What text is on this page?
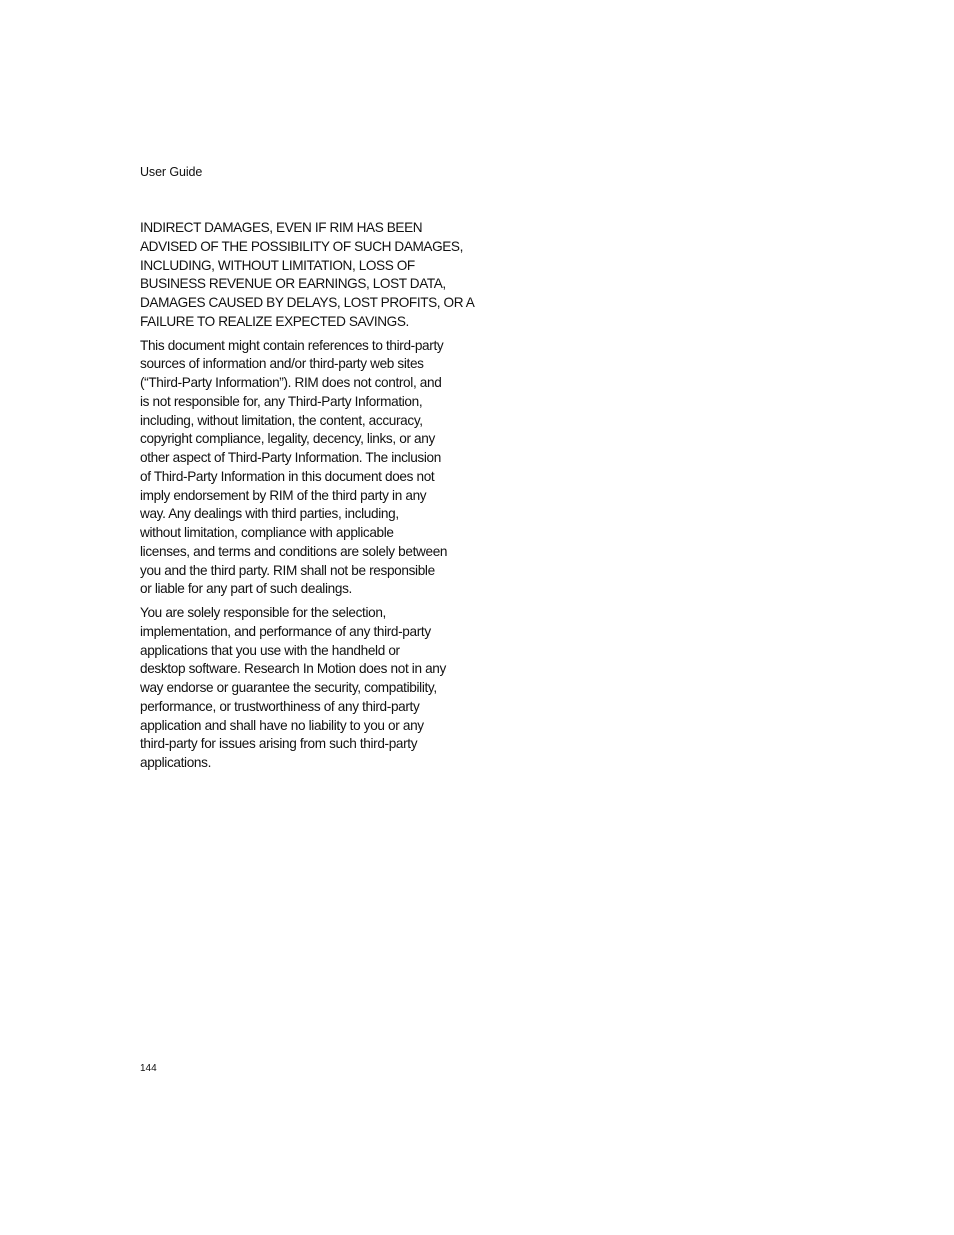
User Guide

INDIRECT DAMAGES, EVEN IF RIM HAS BEEN
ADVISED OF THE POSSIBILITY OF SUCH DAMAGES,
INCLUDING, WITHOUT LIMITATION, LOSS OF
BUSINESS REVENUE OR EARNINGS, LOST DATA,
DAMAGES CAUSED BY DELAYS, LOST PROFITS, OR A
FAILURE TO REALIZE EXPECTED SAVINGS.

This document might contain references to third-party
sources of information and/or third-party web sites
(“Third-Party Information”). RIM does not control, and
is not responsible for, any Third-Party Information,
including, without limitation, the content, accuracy,
copyright compliance, legality, decency, links, or any
other aspect of Third-Party Information. The inclusion
of Third-Party Information in this document does not
imply endorsement by RIM of the third party in any
way. Any dealings with third parties, including,
without limitation, compliance with applicable
licenses, and terms and conditions are solely between
you and the third party. RIM shall not be responsible
or liable for any part of such dealings.

You are solely responsible for the selection,
implementation, and performance of any third-party
applications that you use with the handheld or
desktop software. Research In Motion does not in any
way endorse or guarantee the security, compatibility,
performance, or trustworthiness of any third-party
application and shall have no liability to you or any
third-party for issues arising from such third-party
applications.

144
